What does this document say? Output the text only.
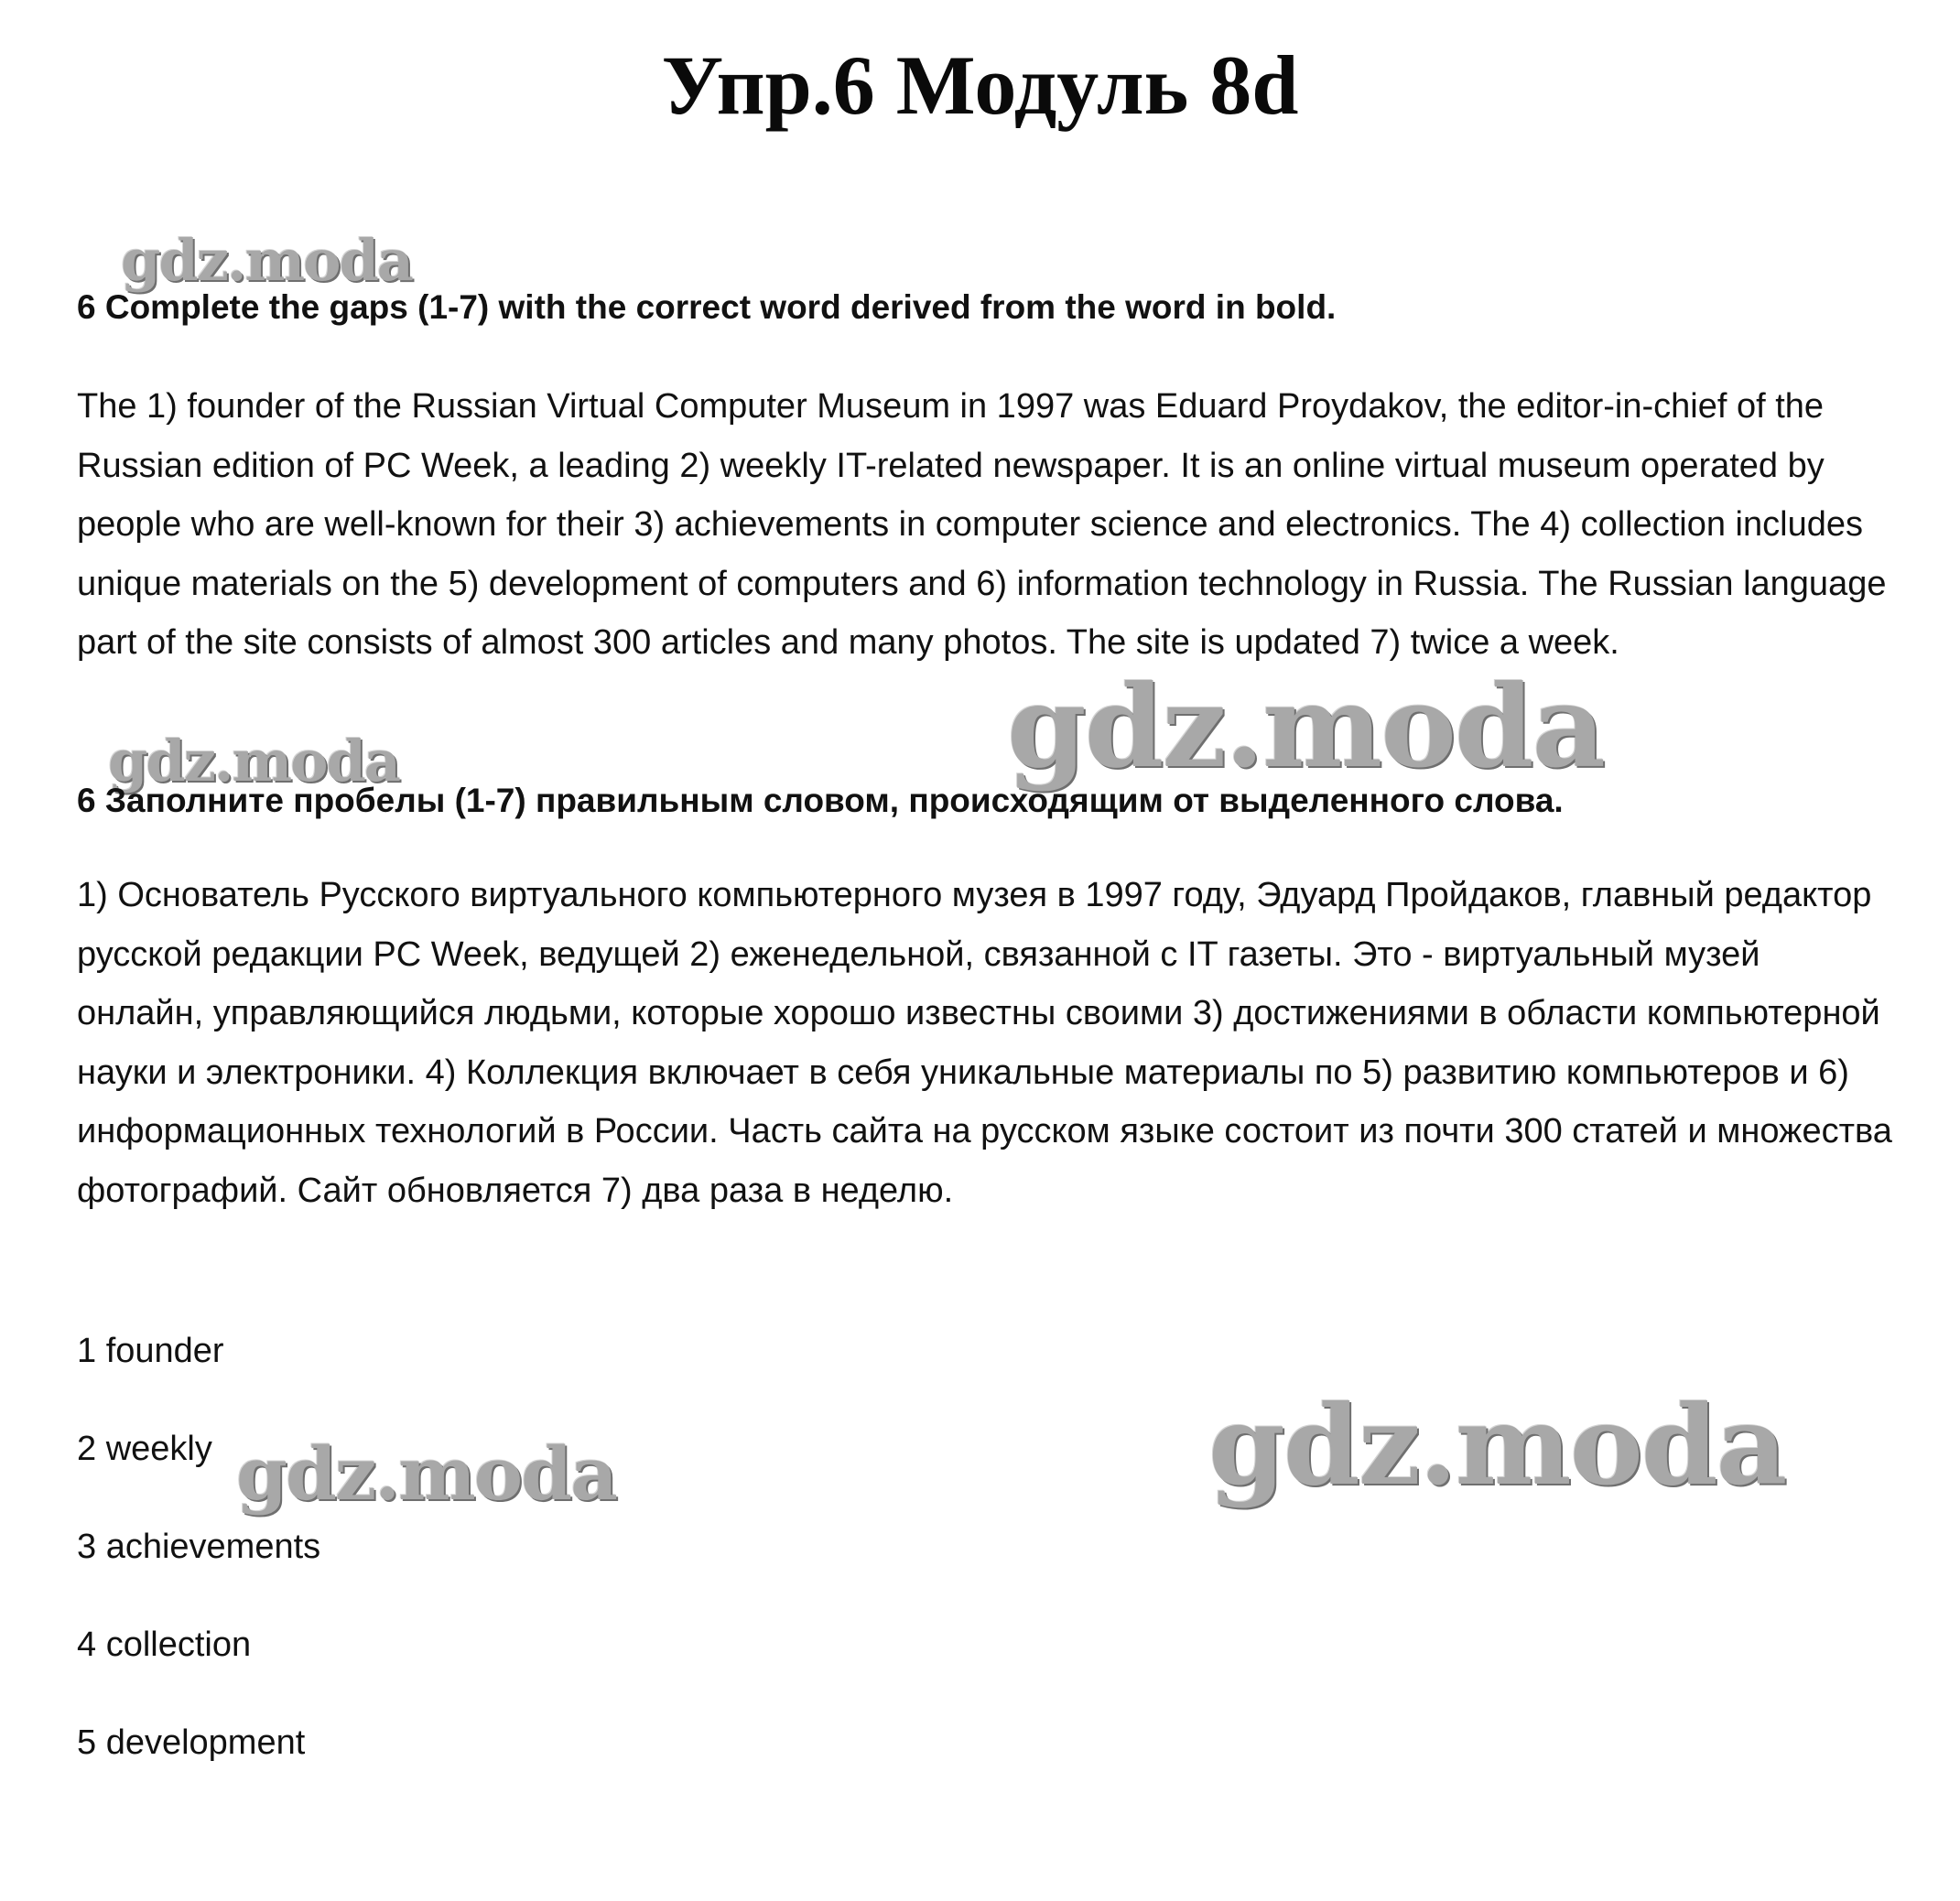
Упр.6 Модуль 8d
gdz.moda
6 Complete the gaps (1-7) with the correct word derived from the word in bold.

The 1) founder of the Russian Virtual Computer Museum in 1997 was Eduard Proydakov, the editor-in-chief of the Russian edition of PC Week, a leading 2) weekly IT-related newspaper. It is an online virtual museum operated by people who are well-known for their 3) achievements in computer science and electronics. The 4) collection includes unique materials on the 5) development of computers and 6) information technology in Russia. The Russian language part of the site consists of almost 300 articles and many photos. The site is updated 7) twice a week.

gdz.moda
gdz.moda
6 Заполните пробелы (1-7) правильным словом, происходящим от выделенного слова.

1) Основатель Русского виртуального компьютерного музея в 1997 году, Эдуард Пройдаков, главный редактор русской редакции PC Week, ведущей 2) еженедельной, связанной с IT газеты. Это - виртуальный музей онлайн, управляющийся людьми, которые хорошо известны своими 3) достижениями в области компьютерной науки и электроники. 4) Коллекция включает в себя уникальные материалы по 5) развитию компьютеров и 6) информационных технологий в России. Часть сайта на русском языке состоит из почти 300 статей и множества фотографий. Сайт обновляется 7) два раза в неделю.

1 founder

2 weekly

3 achievements

4 collection

5 development

gdz.moda	gdz.moda
